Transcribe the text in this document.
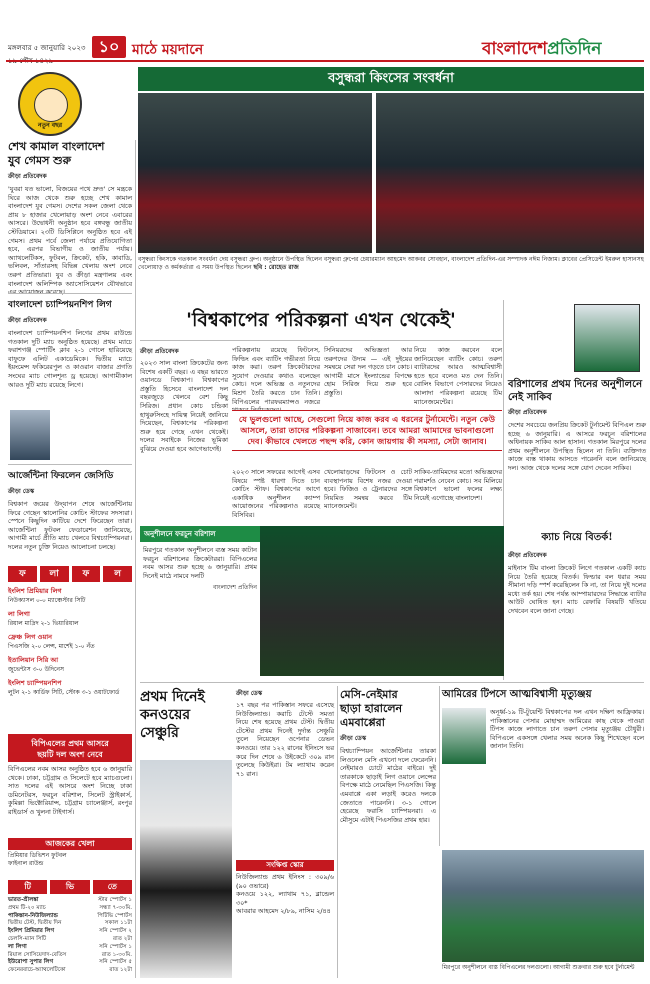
মঙ্গলবার ৫ জানুয়ারি ২০২৩ ১০ মাঠে ময়দানে	বাংলাদেশপ্রতিদিন
নতুন বছর
বসুন্ধরা কিংসের সংবর্ধনা
বসুন্ধরা কিংসকে গতকাল সংবর্ধনা দেয় বসুন্ধরা গ্রুপ। অনুষ্ঠানে উপস্থিত ছিলেন বসুন্ধরা গ্রুপের চেয়ারম্যান আহমেদ আকবর সোবহান, বাংলাদেশ প্রতিদিন-এর সম্পাদক নঈম নিজাম। ক্লাবের প্রেসিডেন্ট ইমরুল হাসানসহ খেলোয়াড় ও কর্মকর্তারা এ সময় উপস্থিত ছিলেন ছবি : রোহেত রাজ
শেখ কামাল বাংলাদেশ
যুব গেমস শুরু
ক্রীড়া প্রতিবেদক
'যুবরা যত ভালো, বিজয়ের পথে দ্রুত' সে মন্ত্রকে ঘিরে আজ থেকে শুরু হচ্ছে শেখ কামাল বাংলাদেশ যুব গেমস। দেশের সকল জেলা থেকে প্রায় ৮ হাজার খেলোয়াড় অংশ নেবে এবারের আসরে। উদ্বোধনী অনুষ্ঠান হবে বঙ্গবন্ধু জাতীয় স্টেডিয়ামে। ২৩টি ডিসিপ্লিনে অনুষ্ঠিত হবে এই গেমস। প্রথম পর্বে জেলা পর্যায়ে প্রতিযোগিতা হবে, এরপর বিভাগীয় ও জাতীয় পর্যায়। অ্যাথলেটিকস, ফুটবল, ক্রিকেট, হকি, কাবাডি, ভলিবল, সাঁতারসহ বিভিন্ন খেলায় অংশ নেবে তরুণ প্রতিভারা। যুব ও ক্রীড়া মন্ত্রণালয় এবং বাংলাদেশ অলিম্পিক অ্যাসোসিয়েশন যৌথভাবে
বাংলাদেশ চ্যাম্পিয়নশিপ লিগ
ক্রীড়া প্রতিবেদক
বাংলাদেশ চ্যাম্পিয়নশিপ লিগের প্রথম রাউন্ডে গতকাল দুটি ম্যাচ অনুষ্ঠিত হয়েছে। প্রথম ম্যাচে ফরাশগঞ্জ স্পোর্টিং ক্লাব ২-১ গোলে হারিয়েছে বাফুফে এলিট একাডেমিকে। দ্বিতীয় ম্যাচে ইয়ংমেন্স ফকিরেরপুল ও কাওরান বাজার প্রগতি সংঘের ম্যাচ গোলশূন্য ড্র হয়েছে। আগামীকাল আরও দুটি ম্যাচ রয়েছে লিগে।
আর্জেন্টিনা ফিরলেন জেসিডি
ক্রীড়া ডেস্ক
বিশ্বকাপ জয়ের উদ্‌যাপন শেষে আর্জেন্টিনায় ফিরে গেছেন স্কালোনির কোচিং স্টাফের সদস্যরা। স্পেনে কিছুদিন কাটিয়ে দেশে ফিরেছেন তারা। আর্জেন্টিনা ফুটবল ফেডারেশন জানিয়েছে, আগামী মার্চে প্রীতি ম্যাচ খেলবে বিশ্বচ্যাম্পিয়নরা। দলের নতুন চুক্তি নিয়েও আলোচনা চলছে।
ফ	লা	ফ	ল
ইংলিশ প্রিমিয়ার লিগ
নিউক্যাসল ০-০ ম্যাঞ্চেস্টার সিটি
লা লিগা
রিয়াল মাদ্রিদ ২-১ ভিয়ারিয়াল
ফ্রেঞ্চ লিগ ওয়ান
পিএসজি ২-০ লেন্স, মার্শেই ১-০ নঁত
ইতালিয়ান সিরি আ
জুভেন্টাস ৩-০ উদিনেস
ইংলিশ চ্যাম্পিয়নশিপ
লুটন ২-১ কার্ডিফ সিটি, স্টোক ৩-১ ওয়াটফোর্ড
বিপিএলের প্রথম আসরে
ছয়টি দল অংশ নেবে
বিপিএলের নবম আসর অনুষ্ঠিত হবে ৬ জানুয়ারি থেকে। ঢাকা, চট্টগ্রাম ও সিলেটে হবে ম্যাচগুলো। সাত দলের এই আসরে অংশ নিচ্ছে ঢাকা ডমিনেটরস, ফরচুন বরিশাল, সিলেট স্ট্রাইকার্স, কুমিল্লা ভিক্টোরিয়ান্স, চট্টগ্রাম চ্যালেঞ্জার্স, রংপুর রাইডার্স ও খুলনা টাইগার্স।
আজকের খেলা
প্রিমিয়ার ডিভিশন ফুটবল
ফাইনাল রাউন্ড
টি	ভি	তে
ভারত-শ্রীলঙ্কা	স্টার স্পোর্টস ১
প্রথম টি-২০ ম্যাচ	সন্ধ্যা ৭-৩০মি.
পাকিস্তান-নিউজিল্যান্ড	পিটিভি স্পোর্টস
দ্বিতীয় টেস্ট, দ্বিতীয় দিন	সকাল ১১টা
ইংলিশ প্রিমিয়ার লিগ	সনি স্পোর্টস ২
চেলসি-ম্যান সিটি	রাত ২টা
লা লিগা	সনি স্পোর্টস ১
রিয়াল সোসিয়েদাদ-বেতিস	রাত ১-৩০মি.
ইউরোপা সুপার লিগ	সনি স্পোর্টস ৫
ফেনেরবাচে-অ্যাথলেটিকো	রাত ১২টা
'বিশ্বকাপের পরিকল্পনা এখন থেকেই'
ক্রীড়া প্রতিবেদক
২০২৩ সাল বাংলা ক্রিকেটের জন্য বিশেষ একটি বছর। এ বছর ভারতে ওয়ানডে বিশ্বকাপ। বিশ্বকাপের প্রস্তুতি হিসেবে বাংলাদেশ দল বছরজুড়ে খেলবে বেশ কিছু সিরিজ। প্রধান কোচ চন্ডিকা হাথুরুসিংহে দায়িত্ব নিয়েই জানিয়ে দিয়েছেন, বিশ্বকাপের পরিকল্পনা শুরু হয়ে গেছে এখন থেকেই। দলের সবাইকে নিজের ভূমিকা বুঝিয়ে দেওয়া হবে আগেভাগেই।
পরিকল্পনায় রয়েছে ফিটনেস, ফিল্ডিং এবং ব্যাটিং গভীরতা নিয়ে কাজ করা। তরুণ ক্রিকেটারদের সুযোগ দেওয়ার কথাও বলেছেন কোচ। দলে অভিজ্ঞ ও নতুনদের মিশ্রণ তৈরি করতে চান তিনি। বিপিএলের পারফরম্যান্সও নজরে
সিনিয়রদের অভিজ্ঞতা আর তরুণদের উদ্যম — এই দুইয়ের সমন্বয়ে সেরা দল গড়তে চান কোচ। আগামী মাসে ইংল্যান্ডের বিপক্ষে হোম সিরিজ দিয়ে শুরু হবে প্রস্তুতি।
নিয়ে কাজ করবেন বলে জানিয়েছেন ব্যাটিং কোচ। তরুণ ব্যাটারদের আরও আত্মবিশ্বাসী হতে হবে বলেও মত দেন তিনি। বোলিং বিভাগে পেসারদের নিয়েও আলাদা পরিকল্পনা রয়েছে টিম ম্যানেজমেন্টের।
যে ভুলগুলো আছে, সেগুলো নিয়ে কাজ করব এ ধরনের টুর্নামেন্টে। নতুন কেউ আসলে, তারা তাদের পরিকল্পনা সাজাবেন। তবে আমরা আমাদের ভাবনাগুলো দেব। কীভাবে খেলতে পছন্দ করি, কোন জায়গায় কী সমস্যা, সেটা জানাব।
২০২৩ সালে সফরের আগেই এসব বিষয়ে স্পষ্ট ধারণা দিতে চান কোচিং স্টাফ। বিশ্বকাপের আগে একাধিক অনুশীলন ক্যাম্প আয়োজনের পরিকল্পনাও রয়েছে বিসিবির।
খেলোয়াড়দের ফিটনেস ও চোট ব্যবস্থাপনায় বিশেষ নজর দেওয়া হবে। ফিজিও ও ট্রেনারদের সঙ্গে নিয়মিত সমন্বয় করবে টিম ম্যানেজমেন্ট।
সাকিব-তামিমদের মতো অভিজ্ঞদের পরামর্শও নেবেন কোচ। সব মিলিয়ে বিশ্বকাপে ভালো ফলের লক্ষ্য নিয়েই এগোচ্ছে বাংলাদেশ।
বরিশালের প্রথম দিনের অনুশীলনে নেই সাকিব
ক্রীড়া প্রতিবেদক
দেশের সবচেয়ে জনপ্রিয় ক্রিকেট টুর্নামেন্ট বিপিএল শুরু হচ্ছে ৬ জানুয়ারি। এ আসরে ফরচুন বরিশালের অধিনায়ক সাকিব আল হাসান। গতকাল মিরপুরে দলের প্রথম অনুশীলনে উপস্থিত ছিলেন না তিনি। ব্যক্তিগত কাজে ব্যস্ত থাকায় আসতে পারেননি বলে জানিয়েছে দল। আজ থেকে দলের সঙ্গে যোগ দেবেন সাকিব।
ক্যাচ নিয়ে বিতর্ক!
ক্রীড়া প্রতিবেদক
মাইনাস টিম বাংলা ক্রিকেট লিগে গতকাল একটি ক্যাচ নিয়ে তৈরি হয়েছে বিতর্ক। ফিল্ডার বল ধরার সময় সীমানা দড়ি স্পর্শ করেছিলেন কি না, তা নিয়ে দুই দলের মধ্যে তর্ক হয়। শেষ পর্যন্ত আম্পায়ারদের সিদ্ধান্তে ব্যাটার আউট ঘোষিত হন। ম্যাচ রেফারি বিষয়টি খতিয়ে দেখবেন বলে জানা গেছে।
অনুশীলনে ফরচুন বরিশাল
মিরপুরে গতকাল অনুশীলনে ব্যস্ত সময় কাটান ফরচুন বরিশালের ক্রিকেটাররা। বিপিএলের নবম আসর শুরু হচ্ছে ৬ জানুয়ারি। প্রথম দিনেই মাঠে নামবে দলটি
বাংলাদেশ প্রতিদিন
প্রথম দিনেই
কনওয়ের
সেঞ্চুরি
ক্রীড়া ডেস্ক
১৭ বছর পর পাকিস্তান সফরে এসেছে নিউজিল্যান্ড। করাচি টেস্টে সমতা নিয়ে শেষ হয়েছে প্রথম টেস্ট। দ্বিতীয় টেস্টের প্রথম দিনেই দুর্দান্ত সেঞ্চুরি তুলে নিয়েছেন ওপেনার ডেভন কনওয়ে। তার ১২২ রানের ইনিংসে ভর করে দিন শেষে ৬ উইকেটে ৩০৯ রান তুলেছে কিউইরা। টম ল্যাথাম করেন ৭১ রান।
সংক্ষিপ্ত স্কোর
নিউজিল্যান্ড প্রথম ইনিংস : ৩০৯/৬ (৯০ ওভারে)
কনওয়ে ১২২, ল্যাথাম ৭১, ব্লান্ডেল ৩০*
আবরার আহমেদ ২/৮৯, নাসিম ২/৪৪
মেসি-নেইমার
ছাড়া হারালেন
এমবাপ্পেরা
ক্রীড়া ডেস্ক
বিশ্বচ্যাম্পিয়ন আর্জেন্টিনার তারকা লিওনেল মেসি এখনো দলে ফেরেননি। নেইমারও চোটে মাঠের বাইরে। দুই তারকাকে ছাড়াই লিগ ওয়ানে লেন্সের বিপক্ষে মাঠে নেমেছিল পিএসজি। কিন্তু এমবাপ্পে একা লড়াই করেও দলকে জেতাতে পারেননি। ৩-১ গোলে হেরেছে ফরাসি চ্যাম্পিয়নরা। এ মৌসুমে এটাই পিএসজির প্রথম হার।
আমিরের টিপসে আত্মবিশ্বাসী মৃত্যুঞ্জয়
অনূর্ধ্ব-১৯ টি-টুয়েন্টি বিশ্বকাপের দল এখন দক্ষিণ আফ্রিকায়। পাকিস্তানের পেসার মোহাম্মদ আমিরের কাছ থেকে পাওয়া টিপস কাজে লাগাতে চান তরুণ পেসার মৃত্যুঞ্জয় চৌধুরী। বিপিএলে একসঙ্গে খেলার সময় অনেক কিছু শিখেছেন বলে জানান তিনি।
মিরপুরে অনুশীলনে ব্যস্ত বিপিএলের দলগুলো। আগামী শুক্রবার শুরু হবে টুর্নামেন্ট
